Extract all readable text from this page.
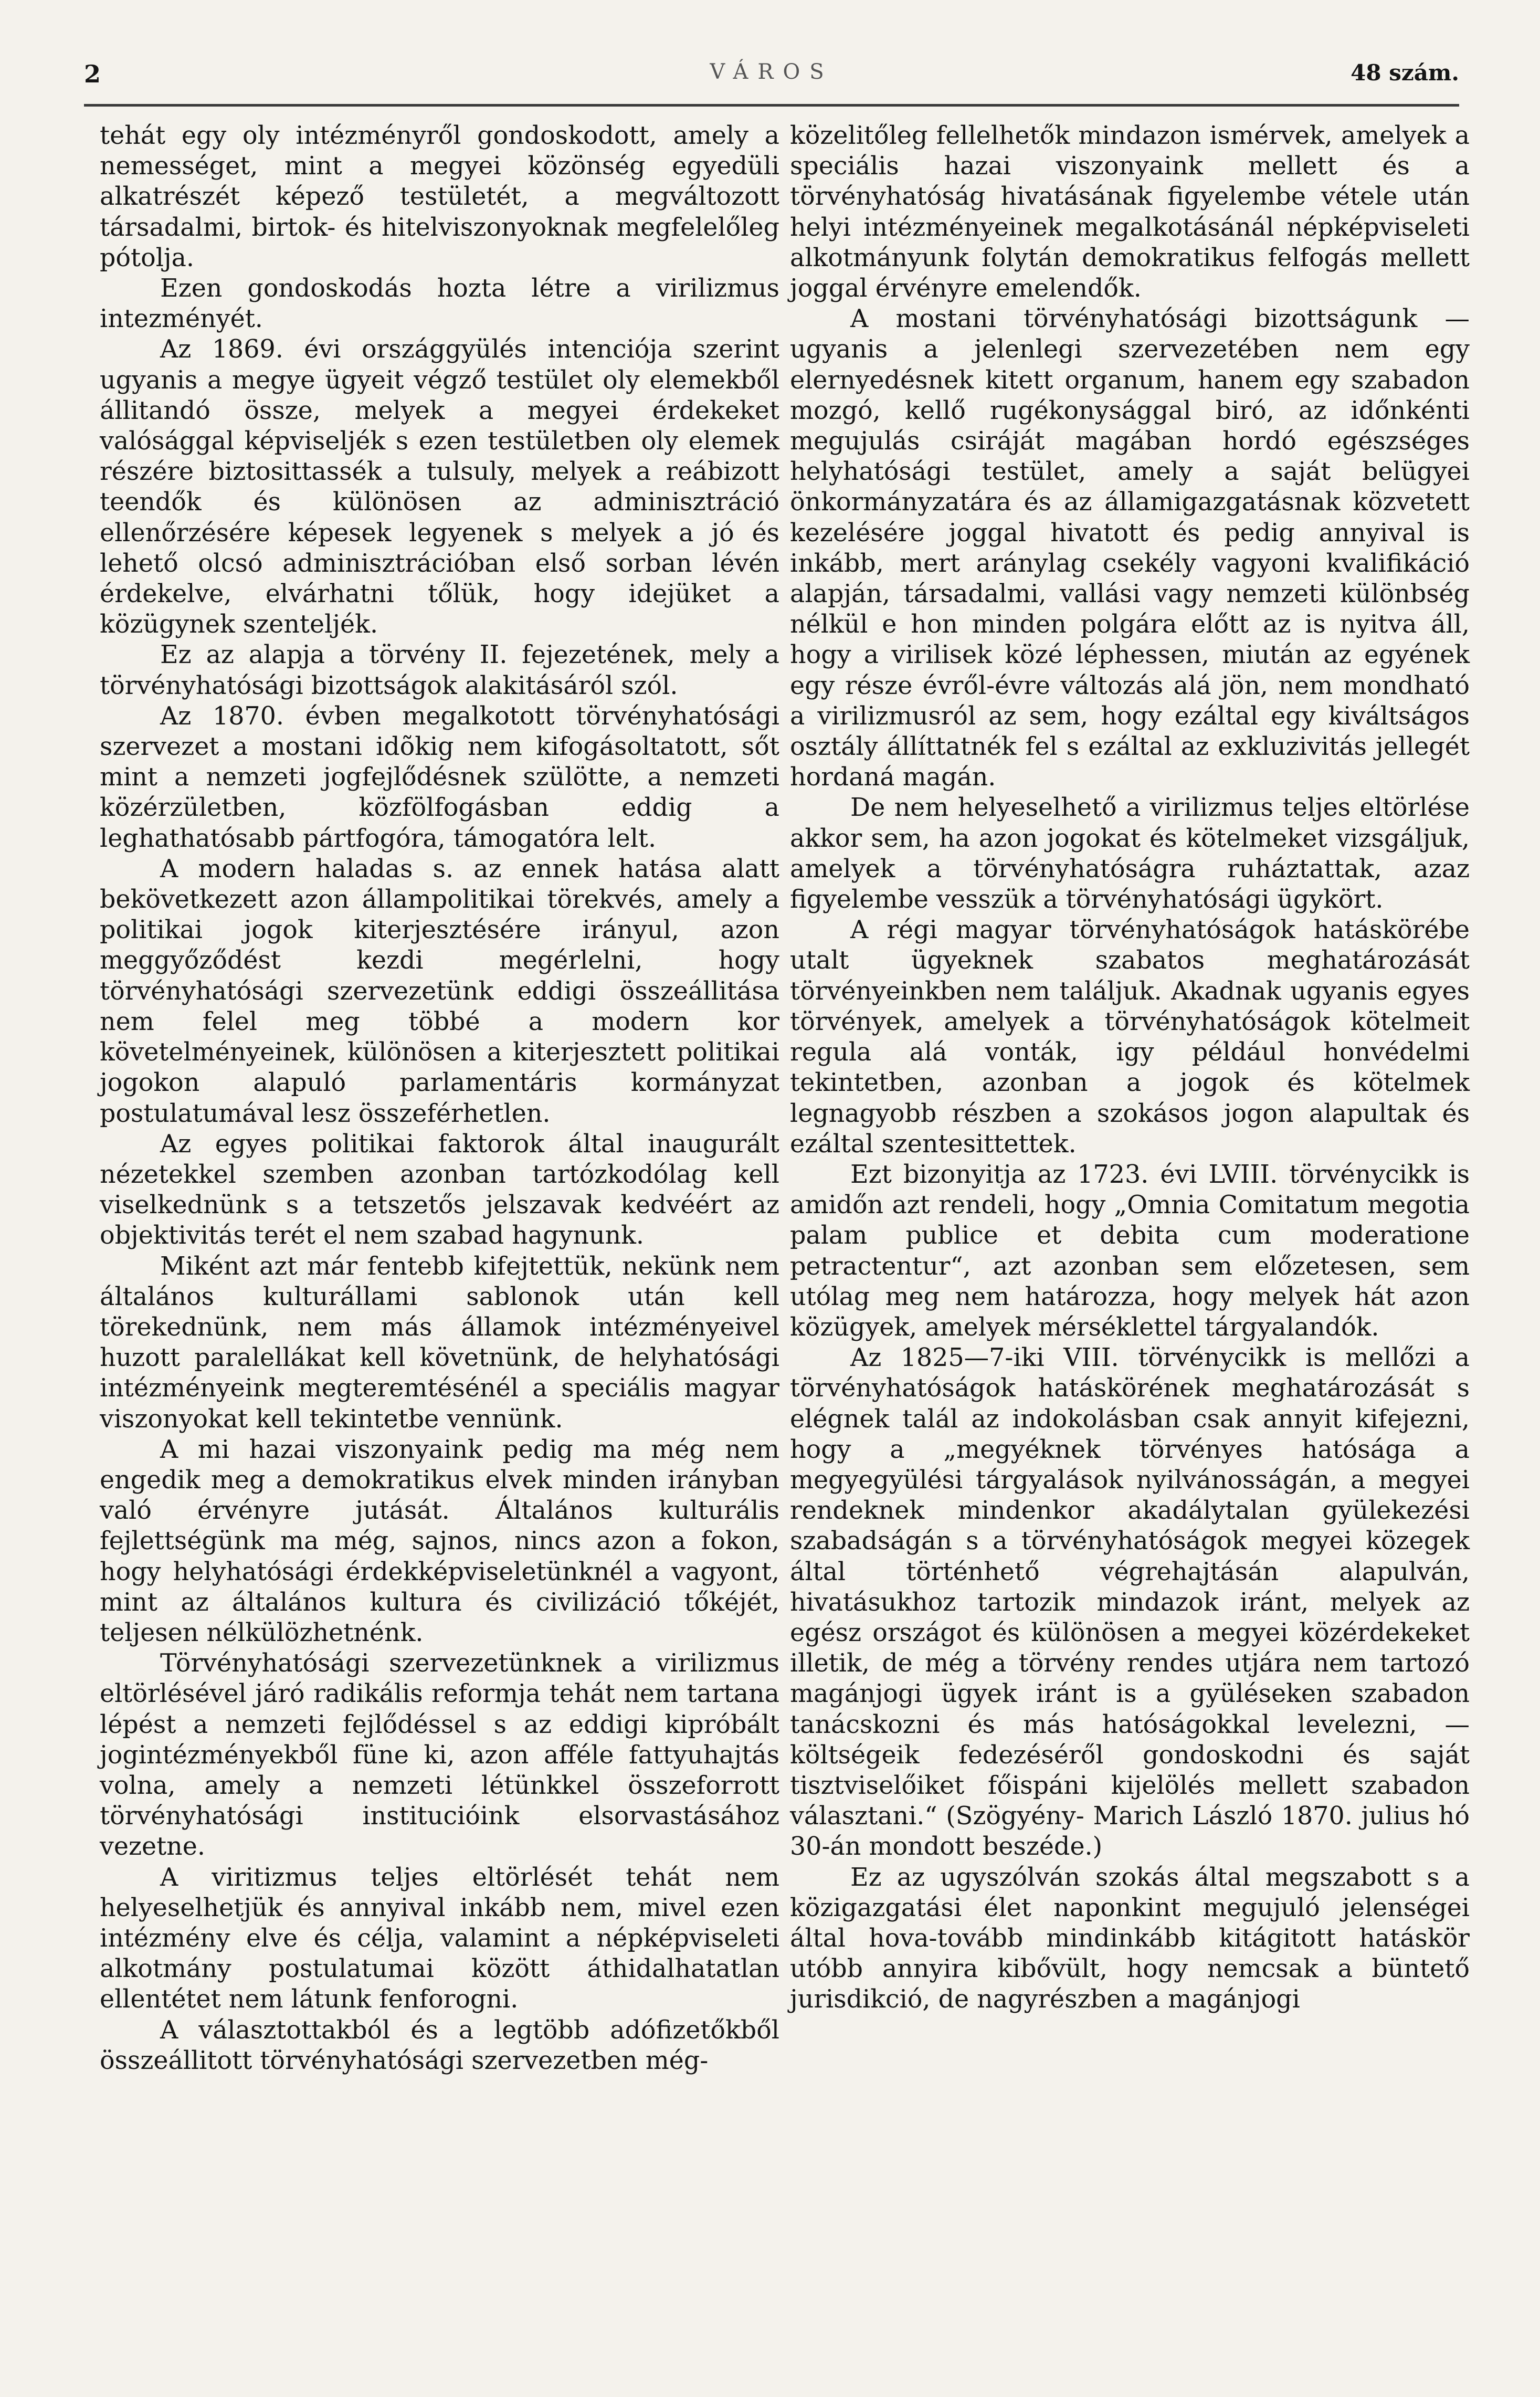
2	VÁROS	48 szám.

tehát egy oly intézményről gondoskodott, amely a nemességet, mint a megyei közönség egyedüli alkatrészét képező testületét, a megváltozott társadalmi, birtok- és hitelviszonyoknak megfelelőleg pótolja.

Ezen gondoskodás hozta létre a virilizmus intezményét.

Az 1869. évi országgyülés intenciója szerint ugyanis a megye ügyeit végző testület oly elemekből állitandó össze, melyek a megyei érdekeket valósággal képviseljék s ezen testületben oly elemek részére biztosittassék a tulsuly, melyek a reábizott teendők és különösen az adminisztráció ellenőrzésére képesek legyenek s melyek a jó és lehető olcsó adminisztrációban első sorban lévén érdekelve, elvárhatni tőlük, hogy idejüket a közügynek szenteljék.

Ez az alapja a törvény II. fejezetének, mely a törvényhatósági bizottságok alakitásáról szól.

Az 1870. évben megalkotott törvényhatósági szervezet a mostani idõkig nem kifogásoltatott, sőt mint a nemzeti jogfejlődésnek szülötte, a nemzeti közérzületben, közfölfogásban eddig a leghathatósabb pártfogóra, támogatóra lelt.

A modern haladas s. az ennek hatása alatt bekövetkezett azon állampolitikai törekvés, amely a politikai jogok kiterjesztésére irányul, azon meggyőződést kezdi megérlelni, hogy törvényhatósági szervezetünk eddigi összeállitása nem felel meg többé a modern kor követelményeinek, különösen a kiterjesztett politikai jogokon alapuló parlamentáris kormányzat postulatumával lesz összeférhetlen.

Az egyes politikai faktorok által inaugurált nézetekkel szemben azonban tartózkodólag kell viselkednünk s a tetszetős jelszavak kedvéért az objektivitás terét el nem szabad hagynunk.

Miként azt már fentebb kifejtettük, nekünk nem általános kulturállami sablonok után kell törekednünk, nem más államok intézményeivel huzott paralellákat kell követnünk, de helyhatósági intézményeink megteremtésénél a speciális magyar viszonyokat kell tekintetbe vennünk.

A mi hazai viszonyaink pedig ma még nem engedik meg a demokratikus elvek minden irányban való érvényre jutását. Általános kulturális fejlettségünk ma még, sajnos, nincs azon a fokon, hogy helyhatósági érdekképviseletünknél a vagyont, mint az általános kultura és civilizáció tőkéjét, teljesen nélkülözhetnénk.

Törvényhatósági szervezetünknek a virilizmus eltörlésével járó radikális reformja tehát nem tartana lépést a nemzeti fejlődéssel s az eddigi kipróbált jogintézményekből füne ki, azon afféle fattyuhajtás volna, amely a nemzeti létünkkel összeforrott törvényhatósági institucióink elsorvastásához vezetne.

A viritizmus teljes eltörlését tehát nem helyeselhetjük és annyival inkább nem, mivel ezen intézmény elve és célja, valamint a népképviseleti alkotmány postulatumai között áthidalhatatlan ellentétet nem látunk fenforogni.

A választottakból és a legtöbb adófizetőkből összeállitott törvényhatósági szervezetben még-

közelitőleg fellelhetők mindazon ismérvek, amelyek a speciális hazai viszonyaink mellett és a törvényhatóság hivatásának figyelembe vétele után helyi intézményeinek megalkotásánál népképviseleti alkotmányunk folytán demokratikus felfogás mellett joggal érvényre emelendők.

A mostani törvényhatósági bizottságunk — ugyanis a jelenlegi szervezetében nem egy elernyedésnek kitett organum, hanem egy szabadon mozgó, kellő rugékonysággal biró, az időnkénti megujulás csiráját magában hordó egészséges helyhatósági testület, amely a saját belügyei önkormányzatára és az államigazgatásnak közvetett kezelésére joggal hivatott és pedig annyival is inkább, mert aránylag csekély vagyoni kvalifikáció alapján, társadalmi, vallási vagy nemzeti különbség nélkül e hon minden polgára előtt az is nyitva áll, hogy a virilisek közé léphessen, miután az egyének egy része évről-évre változás alá jön, nem mondható a virilizmusról az sem, hogy ezáltal egy kiváltságos osztály állíttatnék fel s ezáltal az exkluzivitás jellegét hordaná magán.

De nem helyeselhető a virilizmus teljes eltörlése akkor sem, ha azon jogokat és kötelmeket vizsgáljuk, amelyek a törvényhatóságra ruháztattak, azaz figyelembe vesszük a törvényhatósági ügykört.

A régi magyar törvényhatóságok hatáskörébe utalt ügyeknek szabatos meghatározását törvényeinkben nem találjuk. Akadnak ugyanis egyes törvények, amelyek a törvényhatóságok kötelmeit regula alá vonták, igy például honvédelmi tekintetben, azonban a jogok és kötelmek legnagyobb részben a szokásos jogon alapultak és ezáltal szentesittettek.

Ezt bizonyitja az 1723. évi LVIII. törvénycikk is amidőn azt rendeli, hogy „Omnia Comitatum megotia palam publice et debita cum moderatione petractentur“, azt azonban sem előzetesen, sem utólag meg nem határozza, hogy melyek hát azon közügyek, amelyek mérséklettel tárgyalandók.

Az 1825—7-iki VIII. törvénycikk is mellőzi a törvényhatóságok hatáskörének meghatározását s elégnek talál az indokolásban csak annyit kifejezni, hogy a „megyéknek törvényes hatósága a megyegyülési tárgyalások nyilvánosságán, a megyei rendeknek mindenkor akadálytalan gyülekezési szabadságán s a törvényhatóságok megyei közegek által történhető végrehajtásán alapulván, hivatásukhoz tartozik mindazok iránt, melyek az egész országot és különösen a megyei közérdekeket illetik, de még a törvény rendes utjára nem tartozó magánjogi ügyek iránt is a gyüléseken szabadon tanácskozni és más hatóságokkal levelezni, — költségeik fedezéséről gondoskodni és saját tisztviselőiket főispáni kijelölés mellett szabadon választani.“ (Szögyény- Marich László 1870. julius hó 30-án mondott beszéde.)

Ez az ugyszólván szokás által megszabott s a közigazgatási élet naponkint megujuló jelenségei által hova-tovább mindinkább kitágitott hatáskör utóbb annyira kibővült, hogy nemcsak a büntető jurisdikció, de nagyrészben a magánjogi
